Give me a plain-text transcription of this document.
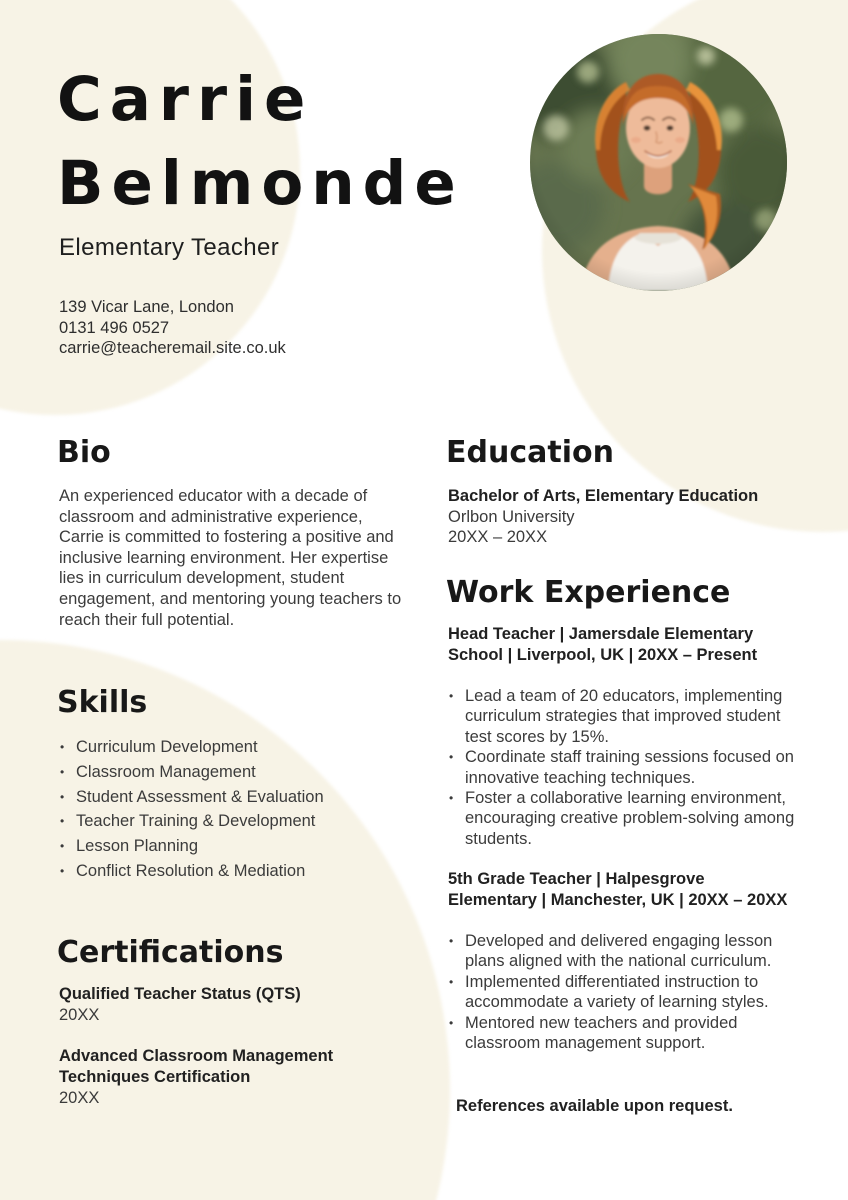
Carrie Belmonde
Elementary Teacher
139 Vicar Lane, London
0131 496 0527
carrie@teacheremail.site.co.uk
Bio
An experienced educator with a decade of classroom and administrative experience, Carrie is committed to fostering a positive and inclusive learning environment. Her expertise lies in curriculum development, student engagement, and mentoring young teachers to reach their full potential.
Skills
• Curriculum Development
• Classroom Management
• Student Assessment & Evaluation
• Teacher Training & Development
• Lesson Planning
• Conflict Resolution & Mediation
Certifications
Qualified Teacher Status (QTS)
20XX
Advanced Classroom Management Techniques Certification
20XX
Education
Bachelor of Arts, Elementary Education
Orlbon University
20XX – 20XX
Work Experience
Head Teacher | Jamersdale Elementary School | Liverpool, UK | 20XX – Present
• Lead a team of 20 educators, implementing curriculum strategies that improved student test scores by 15%.
• Coordinate staff training sessions focused on innovative teaching techniques.
• Foster a collaborative learning environment, encouraging creative problem-solving among students.
5th Grade Teacher | Halpesgrove Elementary | Manchester, UK | 20XX – 20XX
• Developed and delivered engaging lesson plans aligned with the national curriculum.
• Implemented differentiated instruction to accommodate a variety of learning styles.
• Mentored new teachers and provided classroom management support.
References available upon request.
